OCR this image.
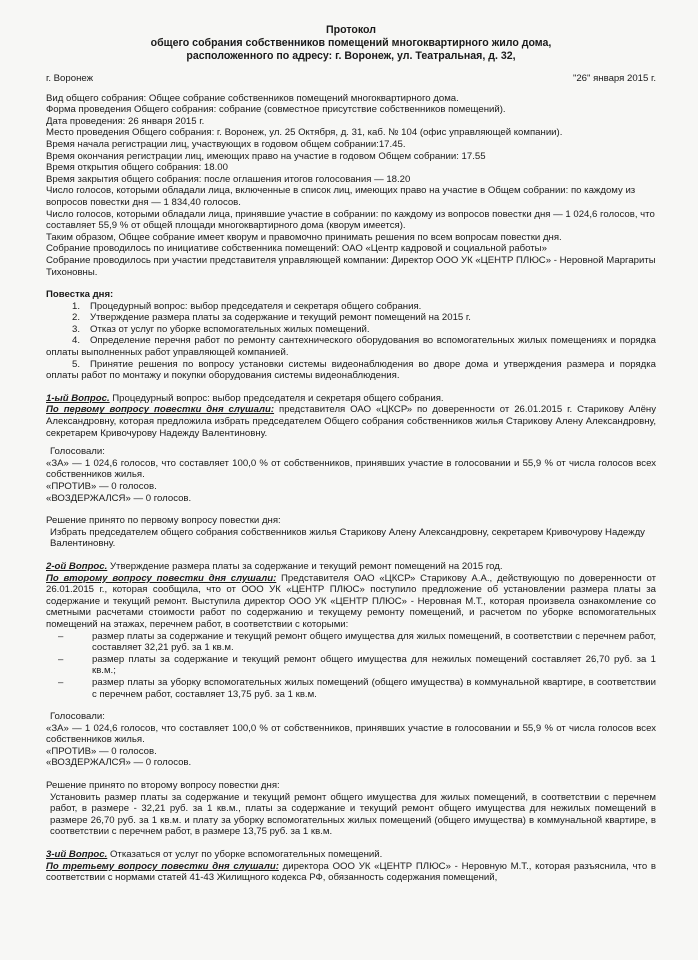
Протокол
общего собрания собственников помещений многоквартирного жило дома,
расположенного по адресу: г. Воронеж, ул. Театральная, д. 32,
г. Воронеж	"26" января 2015 г.
Вид общего собрания: Общее собрание собственников помещений многоквартирного дома.
Форма проведения Общего собрания: собрание (совместное присутствие собственников помещений).
Дата проведения: 26 января 2015 г.
Место проведения Общего собрания: г. Воронеж, ул. 25 Октября, д. 31, каб. № 104 (офис управляющей компании).
Время начала регистрации лиц, участвующих в годовом общем собрании:17.45.
Время окончания регистрации лиц, имеющих право на участие в годовом Общем собрании: 17.55
Время открытия общего собрания: 18.00
Время закрытия общего собрания: после оглашения итогов голосования — 18.20
Число голосов, которыми обладали лица, включенные в список лиц, имеющих право на участие в Общем собрании: по каждому из вопросов повестки дня — 1 834,40 голосов.
Число голосов, которыми обладали лица, принявшие участие в собрании: по каждому из вопросов повестки дня — 1 024,6 голосов, что составляет 55,9 % от общей площади многоквартирного дома (кворум имеется).
Таким образом, Общее собрание имеет кворум и правомочно принимать решения по всем вопросам повестки дня.
Собрание проводилось по инициативе собственника помещений: ОАО «Центр кадровой и социальной работы»
Собрание проводилось при участии представителя управляющей компании: Директор ООО УК «ЦЕНТР ПЛЮС» - Неровной Маргариты Тихоновны.
Повестка дня:
1. Процедурный вопрос: выбор председателя и секретаря общего собрания.
2. Утверждение размера платы за содержание и текущий ремонт помещений на 2015 г.
3. Отказ от услуг по уборке вспомогательных жилых помещений.
4. Определение перечня работ по ремонту сантехнического оборудования во вспомогательных жилых помещениях и порядка оплаты выполненных работ управляющей компанией.
5. Принятие решения по вопросу установки системы видеонаблюдения во дворе дома и утверждения размера и порядка оплаты работ по монтажу и покупки оборудования системы видеонаблюдения.
1-ый Вопрос. Процедурный вопрос: выбор председателя и секретаря общего собрания.
По первому вопросу повестки дня слушали: представителя ОАО «ЦКСР» по доверенности от 26.01.2015 г. Старикову Алёну Александровну, которая предложила избрать председателем Общего собрания собственников жилья Старикову Алену Александровну, секретарем Кривочурову Надежду Валентиновну.
Голосовали:
«ЗА» — 1 024,6 голосов, что составляет 100,0 % от собственников, принявших участие в голосовании и 55,9 % от числа голосов всех собственников жилья.
«ПРОТИВ» — 0 голосов.
«ВОЗДЕРЖАЛСЯ» — 0 голосов.
Решение принято по первому вопросу повестки дня:
Избрать председателем общего собрания собственников жилья Старикову Алену Александровну, секретарем Кривочурову Надежду Валентиновну.
2-ой Вопрос. Утверждение размера платы за содержание и текущий ремонт помещений на 2015 год.
По второму вопросу повестки дня слушали: Представителя ОАО «ЦКСР» Старикову А.А., действующую по доверенности от 26.01.2015 г., которая сообщила, что от ООО УК «ЦЕНТР ПЛЮС» поступило предложение об установлении размера платы за содержание и текущий ремонт. Выступила директор ООО УК «ЦЕНТР ПЛЮС» - Неровная М.Т., которая произвела ознакомление со сметными расчетами стоимости работ по содержанию и текущему ремонту помещений, и расчетом по уборке вспомогательных помещений на этажах, перечнем работ, в соответствии с которыми:
–	размер платы за содержание и текущий ремонт общего имущества для жилых помещений, в соответствии с перечнем работ, составляет 32,21 руб. за 1 кв.м.
–	размер платы за содержание и текущий ремонт общего имущества для нежилых помещений составляет 26,70 руб. за 1 кв.м.;
–	размер платы за уборку вспомогательных жилых помещений (общего имущества) в коммунальной квартире, в соответствии с перечнем работ, составляет 13,75 руб. за 1 кв.м.
Голосовали:
«ЗА» — 1 024,6 голосов, что составляет 100,0 % от собственников, принявших участие в голосовании и 55,9 % от числа голосов всех собственников жилья.
«ПРОТИВ» — 0 голосов.
«ВОЗДЕРЖАЛСЯ» — 0 голосов.
Решение принято по второму вопросу повестки дня:
Установить размер платы за содержание и текущий ремонт общего имущества для жилых помещений, в соответствии с перечнем работ, в размере - 32,21 руб. за 1 кв.м., платы за содержание и текущий ремонт общего имущества для нежилых помещений в размере 26,70 руб. за 1 кв.м. и плату за уборку вспомогательных жилых помещений (общего имущества) в коммунальной квартире, в соответствии с перечнем работ, в размере 13,75 руб. за 1 кв.м.
3-ий Вопрос. Отказаться от услуг по уборке вспомогательных помещений.
По третьему вопросу повестки дня слушали: директора ООО УК «ЦЕНТР ПЛЮС» - Неровную М.Т., которая разъяснила, что в соответствии с нормами статей 41-43 Жилищного кодекса РФ, обязанность содержания помещений,
